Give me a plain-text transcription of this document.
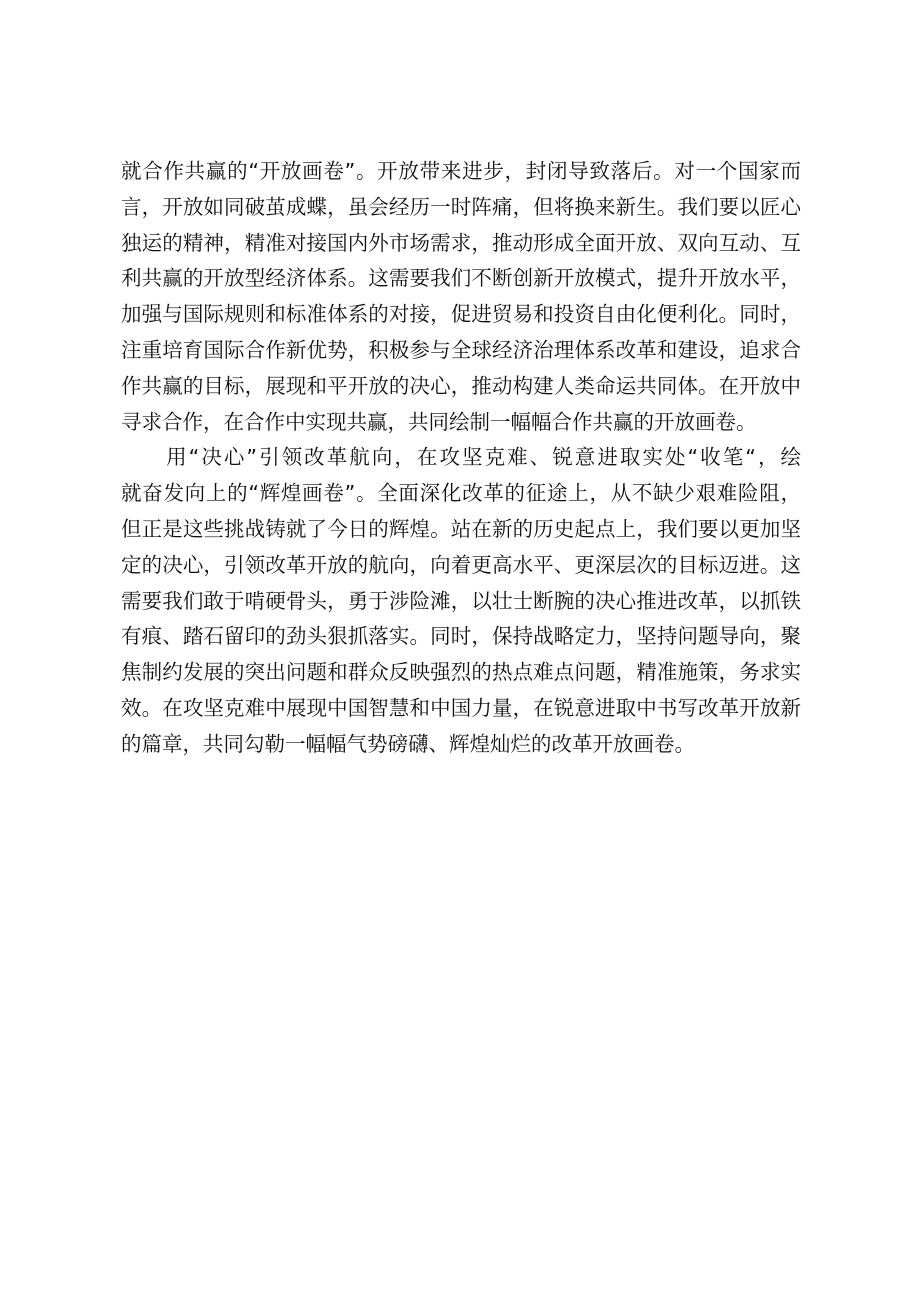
就合作共赢的“开放画卷”。开放带来进步，封闭导致落后。对一个国家而
言，开放如同破茧成蝶，虽会经历一时阵痛，但将换来新生。我们要以匠心
独运的精神，精准对接国内外市场需求，推动形成全面开放、双向互动、互
利共赢的开放型经济体系。这需要我们不断创新开放模式，提升开放水平，
加强与国际规则和标准体系的对接，促进贸易和投资自由化便利化。同时，
注重培育国际合作新优势，积极参与全球经济治理体系改革和建设，追求合
作共赢的目标，展现和平开放的决心，推动构建人类命运共同体。在开放中
寻求合作，在合作中实现共赢，共同绘制一幅幅合作共赢的开放画卷。
　　用“决心”引领改革航向，在攻坚克难、锐意进取实处“收笔“，绘
就奋发向上的“辉煌画卷”。全面深化改革的征途上，从不缺少艰难险阻，
但正是这些挑战铸就了今日的辉煌。站在新的历史起点上，我们要以更加坚
定的决心，引领改革开放的航向，向着更高水平、更深层次的目标迈进。这
需要我们敢于啃硬骨头，勇于涉险滩，以壮士断腕的决心推进改革，以抓铁
有痕、踏石留印的劲头狠抓落实。同时，保持战略定力，坚持问题导向，聚
焦制约发展的突出问题和群众反映强烈的热点难点问题，精准施策，务求实
效。在攻坚克难中展现中国智慧和中国力量，在锐意进取中书写改革开放新
的篇章，共同勾勒一幅幅气势磅礴、辉煌灿烂的改革开放画卷。
